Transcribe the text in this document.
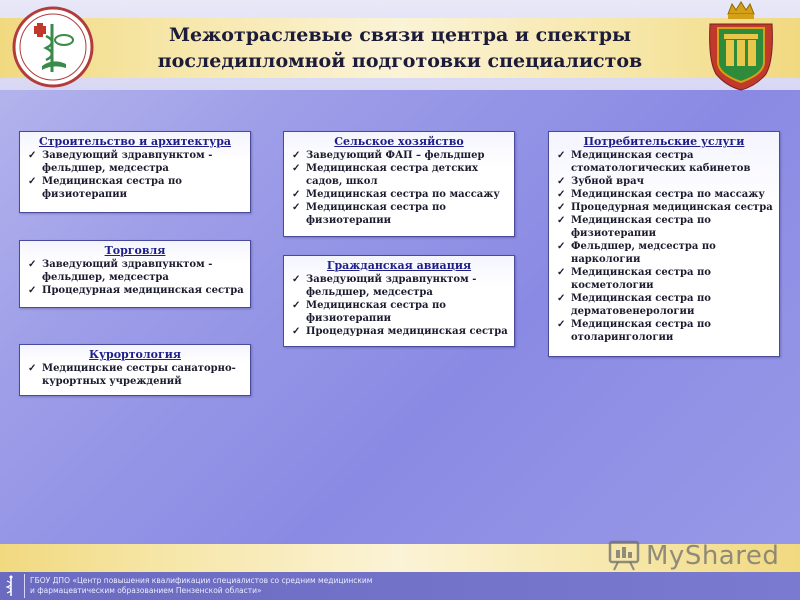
Межотраслевые связи центра и спектры
последипломной подготовки специалистов
Строительство и архитектура
✓ Заведующий здравпунктом - фельдшер, медсестра
✓ Медицинская сестра по физиотерапии
Торговля
✓ Заведующий здравпунктом - фельдшер, медсестра
✓ Процедурная медицинская сестра
Курортология
✓ Медицинские сестры санаторно-курортных учреждений
Сельское хозяйство
✓ Заведующий ФАП – фельдшер
✓ Медицинская сестра детских садов, школ
✓ Медицинская сестра по массажу
✓ Медицинская сестра по физиотерапии
Гражданская авиация
✓ Заведующий здравпунктом - фельдшер, медсестра
✓ Медицинская сестра по физиотерапии
✓ Процедурная медицинская сестра
Потребительские услуги
✓ Медицинская сестра стоматологических кабинетов
✓ Зубной врач
✓ Медицинская сестра по массажу
✓ Процедурная медицинская сестра
✓ Медицинская сестра по физиотерапии
✓ Фельдшер, медсестра по наркологии
✓ Медицинская сестра по косметологии
✓ Медицинская сестра по дерматовенерологии
✓ Медицинская сестра по отоларингологии
MyShared
ГБОУ ДПО «Центр повышения квалификации специалистов со средним медицинским
и фармацевтическим образованием Пензенской области»
